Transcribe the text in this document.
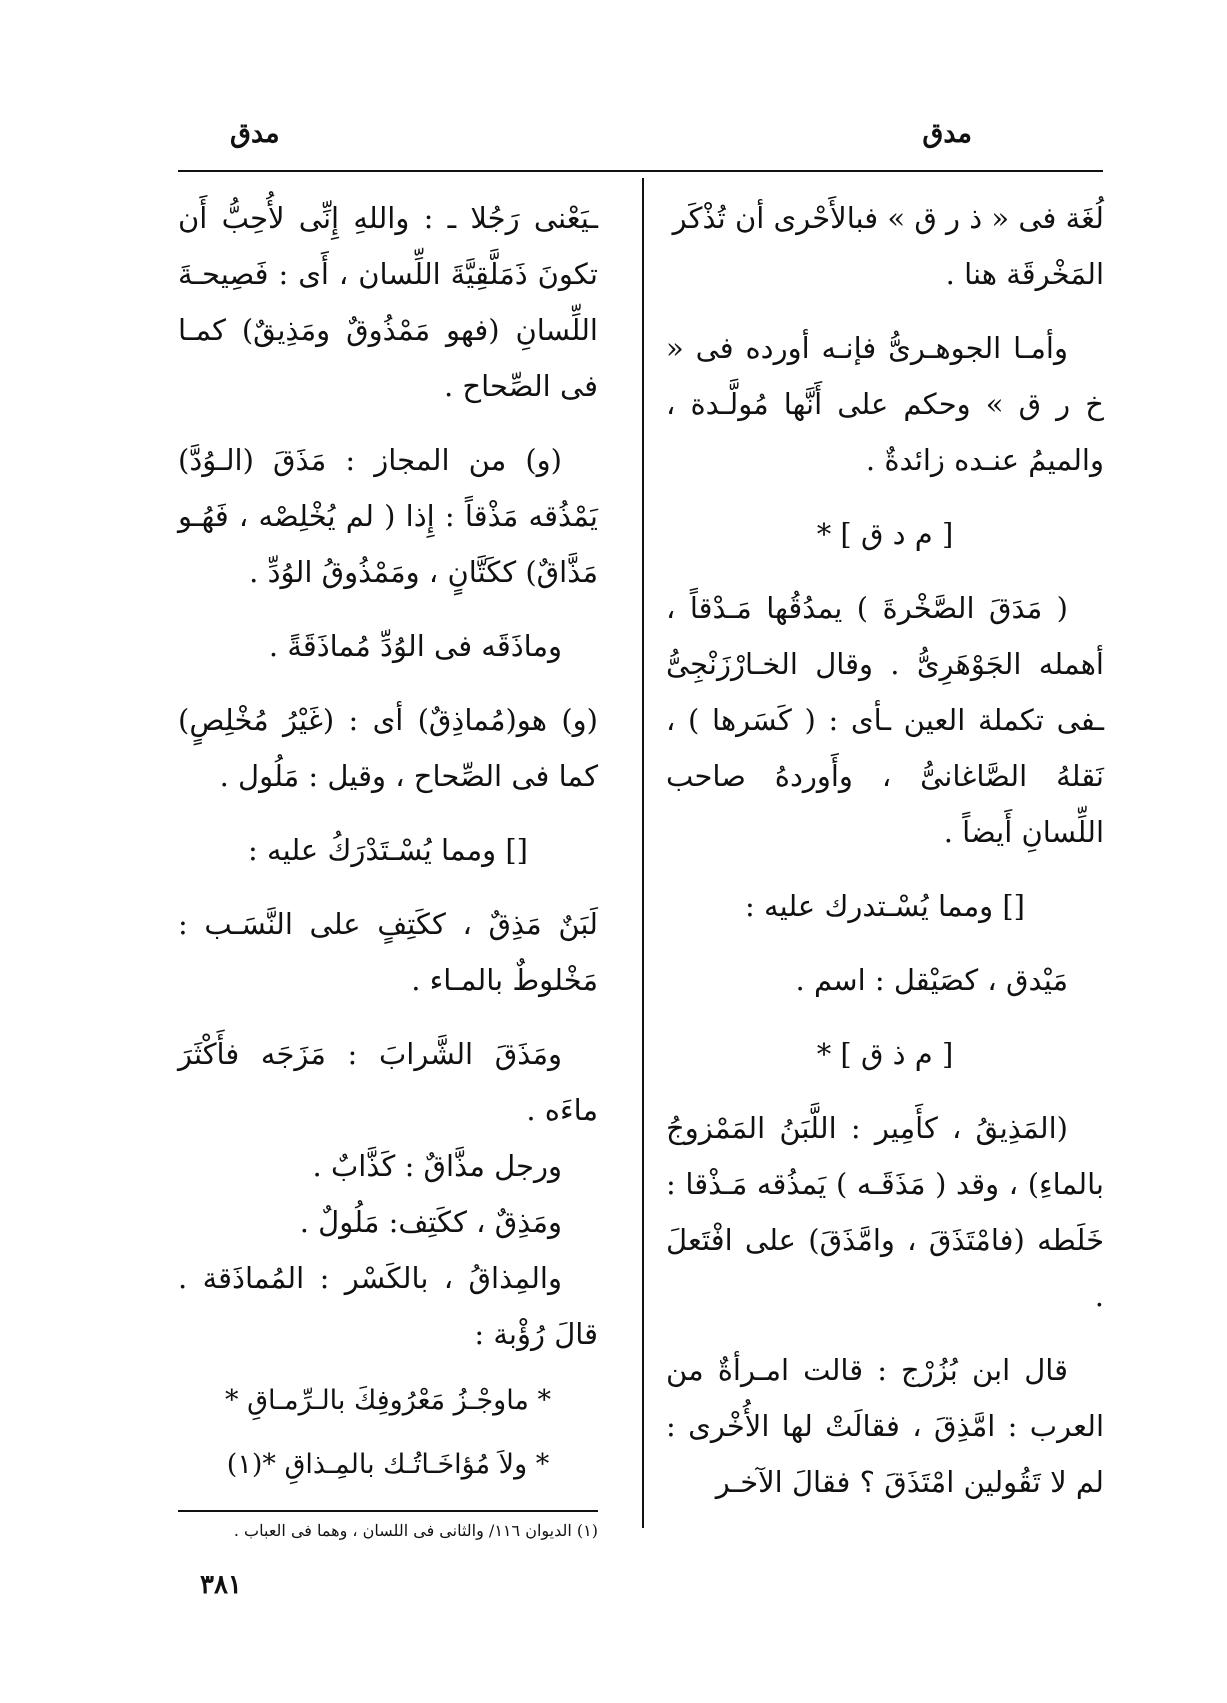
مدق
مدق

لُغَة فى « ذ ر ق » فبالأَحْرى أن تُذْكَر

المَخْرقَة هنا .

وأمـا الجوهـرىُّ فإنـه أورده فى « خ ر ق » وحكم على أَنَّها مُولَّـدة ، والميمُ عنـده زائدةٌ .

[ م د ق ] *

( مَدَقَ الصَّخْرةَ ) يمدُقُها مَـدْقاً ، أهمله الجَوْهَرِىُّ . وقال الخـارْزَنْجِىُّ ـفى تكملة العين ـأى : ( كَسَرها ) ، نَقلهُ الصَّاغانىُّ ، وأَوردهُ صاحب اللِّسانِ أَيضاً .

[] ومما يُسْـتدرك عليه :

مَيْدق ، كصَيْقل : اسم .

[ م ذ ق ] *

(المَذِيقُ ، كأَمِير : اللَّبَنُ المَمْزوجُ بالماءِ) ، وقد ( مَذَقَـه ) يَمذُقه مَـذْقا : خَلَطه (فامْتَذَقَ ، وامَّذَقَ) على افْتَعلَ .

قال ابن بُزُرْج : قالت امـرأةٌ من العرب : امَّذِقَ ، فقالَتْ لها الأُخْرى : لم لا تَقُولين امْتَذَقَ ؟ فقالَ الآخـر

ـيَعْنى رَجُلا ـ : واللهِ إِنِّى لأُحِبُّ أَن تكونَ ذَمَلَّقِيَّةَ اللِّسان ، أَى : فَصِيحـةَ اللِّسانِ (فهو مَمْذُوقٌ ومَذِيقٌ) كمـا فى الصِّحاح .

(و) من المجاز : مَذَقَ (الـوُدَّ) يَمْذُقه مَذْقاً : إِذا ( لم يُخْلِصْه ، فَهُـو مَذَّاقٌ) ككَتَّانٍ ، ومَمْذُوقُ الوُدِّ .

وماذَقَه فى الوُدِّ مُماذَقَةً .

(و) هو(مُماذِقٌ) أى : (غَيْرُ مُخْلِصٍ) كما فى الصِّحاح ، وقيل : مَلُول .

[] ومما يُسْـتَدْرَكُ عليه :

لَبَنٌ مَذِقٌ ، ككَتِفٍ على النَّسَـب : مَخْلوطٌ بالمـاء .

ومَذَقَ الشَّرابَ : مَزَجَه فأَكْثَرَ ماءَه .

ورجل مذَّاقٌ : كَذَّابٌ .

ومَذِقٌ ، ككَتِف: مَلُولٌ .

والمِذاقُ ، بالكَسْر : المُماذَقة . قالَ رُؤْبة :

* ماوجْـزُ مَعْرُوفِكَ بالـرِّمـاقِ *

* ولاَ مُؤاخَـاتُـك بالمِـذاقِ *(١)

(١) الديوان ١١٦/ والثانى فى اللسان ، وهما فى العباب .
٣٨١
